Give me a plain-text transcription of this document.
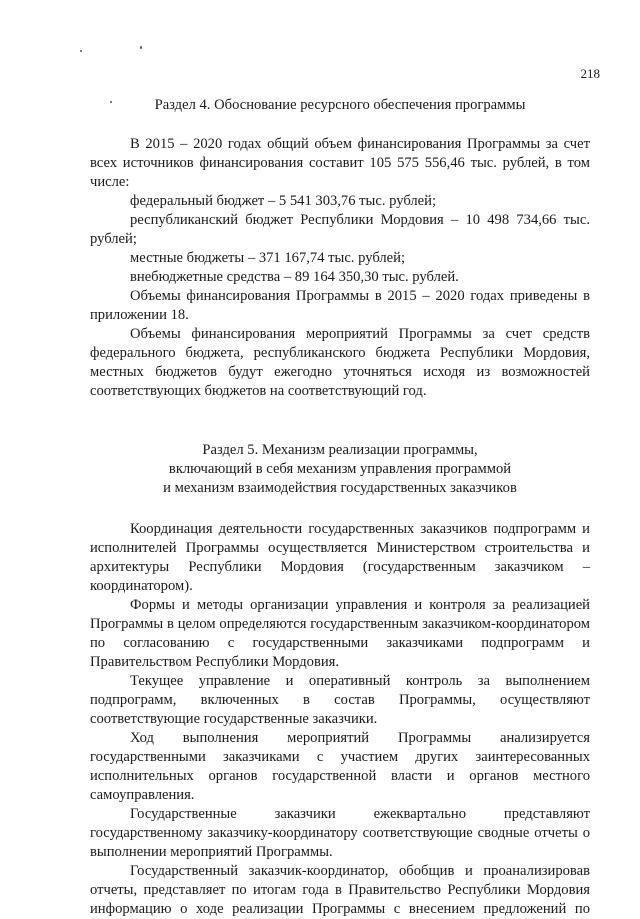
218
Раздел 4. Обоснование ресурсного обеспечения программы

В 2015 – 2020 годах общий объем финансирования Программы за счет всех источников финансирования составит 105 575 556,46 тыс. рублей, в том числе:

федеральный бюджет – 5 541 303,76 тыс. рублей;

республиканский бюджет Республики Мордовия – 10 498 734,66 тыс. рублей;

местные бюджеты – 371 167,74 тыс. рублей;

внебюджетные средства – 89 164 350,30 тыс. рублей.

Объемы финансирования Программы в 2015 – 2020 годах приведены в приложении 18.

Объемы финансирования мероприятий Программы за счет средств федерального бюджета, республиканского бюджета Республики Мордовия, местных бюджетов будут ежегодно уточняться исходя из возможностей соответствующих бюджетов на соответствующий год.

Раздел 5. Механизм реализации программы,
включающий в себя механизм управления программой
и механизм взаимодействия государственных заказчиков

Координация деятельности государственных заказчиков подпрограмм и исполнителей Программы осуществляется Министерством строительства и архитектуры Республики Мордовия (государственным заказчиком – координатором).

Формы и методы организации управления и контроля за реализацией Программы в целом определяются государственным заказчиком-координатором по согласованию с государственными заказчиками подпрограмм и Правительством Республики Мордовия.

Текущее управление и оперативный контроль за выполнением подпрограмм, включенных в состав Программы, осуществляют соответствующие государственные заказчики.

Ход выполнения мероприятий Программы анализируется государственными заказчиками с участием других заинтересованных исполнительных органов государственной власти и органов местного самоуправления.

Государственные заказчики ежеквартально представляют государственному заказчику-координатору соответствующие сводные отчеты о выполнении мероприятий Программы.

Государственный заказчик-координатор, обобщив и проанализировав отчеты, представляет по итогам года в Правительство Республики Мордовия информацию о ходе реализации Программы с внесением предложений по
